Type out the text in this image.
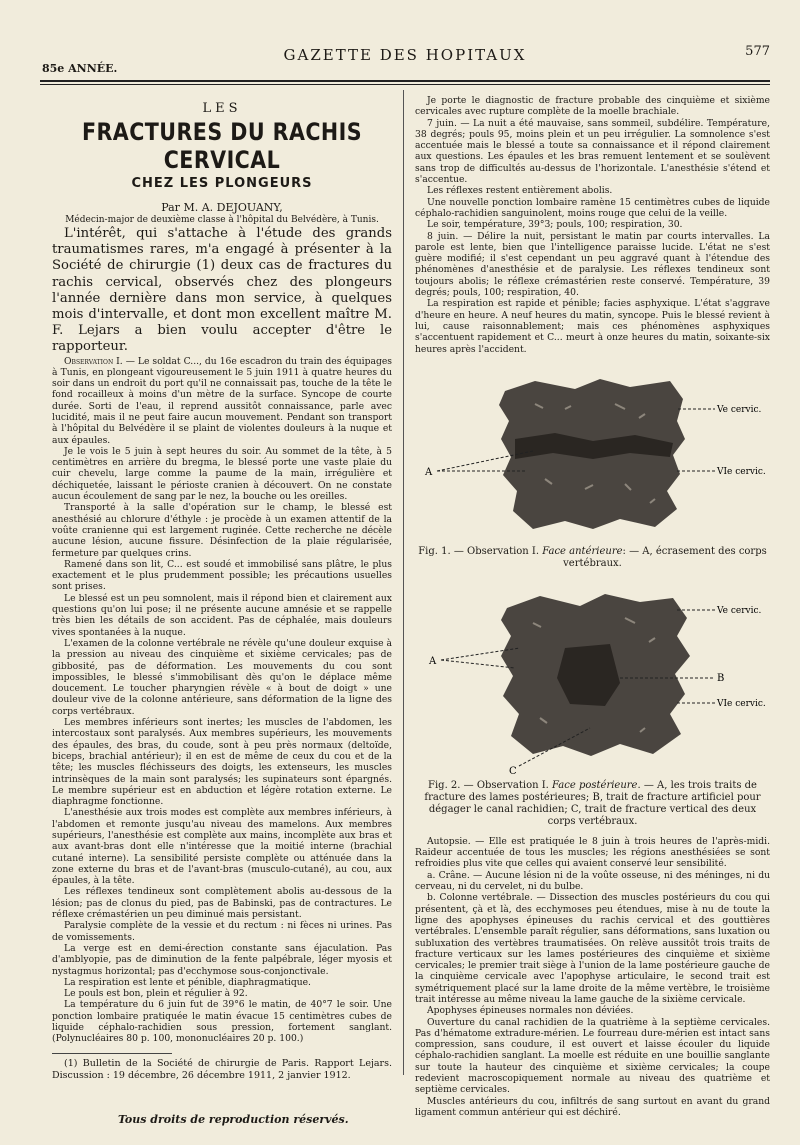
85e ANNÉE.
GAZETTE DES HOPITAUX	577
LES
FRACTURES DU RACHIS CERVICAL
CHEZ LES PLONGEURS
Par M. A. DEJOUANY,
Médecin-major de deuxième classe à l'hôpital du Belvédère, à Tunis.

L'intérêt, qui s'attache à l'étude des grands traumatismes rares, m'a engagé à présenter à la Société de chirurgie (1) deux cas de fractures du rachis cervical, observés chez des plongeurs l'année dernière dans mon service, à quelques mois d'intervalle, et dont mon excellent maître M. F. Lejars a bien voulu accepter d'être le rapporteur.

Observation I. — Le soldat C..., du 16e escadron du train des équipages à Tunis, en plongeant vigoureusement le 5 juin 1911 à quatre heures du soir dans un endroit du port qu'il ne connaissait pas, touche de la tête le fond rocailleux à moins d'un mètre de la surface. Syncope de courte durée. Sorti de l'eau, il reprend aussitôt connaissance, parle avec lucidité, mais il ne peut faire aucun mouvement. Pendant son transport à l'hôpital du Belvédère il se plaint de violentes douleurs à la nuque et aux épaules.

Je le vois le 5 juin à sept heures du soir. Au sommet de la tête, à 5 centimètres en arrière du bregma, le blessé porte une vaste plaie du cuir chevelu, large comme la paume de la main, irrégulière et déchiquetée, laissant le périoste cranien à découvert. On ne constate aucun écoulement de sang par le nez, la bouche ou les oreilles.

Transporté à la salle d'opération sur le champ, le blessé est anesthésié au chlorure d'éthyle : je procède à un examen attentif de la voûte cranienne qui est largement ruginée. Cette recherche ne décèle aucune lésion, aucune fissure. Désinfection de la plaie régularisée, fermeture par quelques crins.

Ramené dans son lit, C... est soudé et immobilisé sans plâtre, le plus exactement et le plus prudemment possible; les précautions usuelles sont prises.

Le blessé est un peu somnolent, mais il répond bien et clairement aux questions qu'on lui pose; il ne présente aucune amnésie et se rappelle très bien les détails de son accident. Pas de céphalée, mais douleurs vives spontanées à la nuque.

L'examen de la colonne vertébrale ne révèle qu'une douleur exquise à la pression au niveau des cinquième et sixième cervicales; pas de gibbosité, pas de déformation. Les mouvements du cou sont impossibles, le blessé s'immobilisant dès qu'on le déplace même doucement. Le toucher pharyngien révèle « à bout de doigt » une douleur vive de la colonne antérieure, sans déformation de la ligne des corps vertébraux.

Les membres inférieurs sont inertes; les muscles de l'abdomen, les intercostaux sont paralysés. Aux membres supérieurs, les mouvements des épaules, des bras, du coude, sont à peu près normaux (deltoïde, biceps, brachial antérieur); il en est de même de ceux du cou et de la tête; les muscles fléchisseurs des doigts, les extenseurs, les muscles intrinsèques de la main sont paralysés; les supinateurs sont épargnés. Le membre supérieur est en abduction et légère rotation externe. Le diaphragme fonctionne.

L'anesthésie aux trois modes est complète aux membres inférieurs, à l'abdomen et remonte jusqu'au niveau des mamelons. Aux membres supérieurs, l'anesthésie est complète aux mains, incomplète aux bras et aux avant-bras dont elle n'intéresse que la moitié interne (brachial cutané interne). La sensibilité persiste complète ou atténuée dans la zone externe du bras et de l'avant-bras (musculo-cutané), au cou, aux épaules, à la tête.

Les réflexes tendineux sont complètement abolis au-dessous de la lésion; pas de clonus du pied, pas de Babinski, pas de contractures. Le réflexe crémastérien un peu diminué mais persistant.

Paralysie complète de la vessie et du rectum : ni fèces ni urines. Pas de vomissements.

La verge est en demi-érection constante sans éjaculation. Pas d'amblyopie, pas de diminution de la fente palpébrale, léger myosis et nystagmus horizontal; pas d'ecchymose sous-conjonctivale.

La respiration est lente et pénible, diaphragmatique.

Le pouls est bon, plein et régulier à 92.

La température du 6 juin fut de 39°6 le matin, de 40°7 le soir. Une ponction lombaire pratiquée le matin évacue 15 centimètres cubes de liquide céphalo-rachidien sous pression, fortement sanglant. (Polynucléaires 80 p. 100, mononucléaires 20 p. 100.)

(1) Bulletin de la Société de chirurgie de Paris. Rapport Lejars. Discussion : 19 décembre, 26 décembre 1911, 2 janvier 1912.

Je porte le diagnostic de fracture probable des cinquième et sixième cervicales avec rupture complète de la moelle brachiale.

7 juin. — La nuit a été mauvaise, sans sommeil, subdélire. Température, 38 degrés; pouls 95, moins plein et un peu irrégulier. La somnolence s'est accentuée mais le blessé a toute sa connaissance et il répond clairement aux questions. Les épaules et les bras remuent lentement et se soulèvent sans trop de difficultés au-dessus de l'horizontale. L'anesthésie s'étend et s'accentue.

Les réflexes restent entièrement abolis.

Une nouvelle ponction lombaire ramène 15 centimètres cubes de liquide céphalo-rachidien sanguinolent, moins rouge que celui de la veille.

Le soir, température, 39°3; pouls, 100; respiration, 30.

8 juin. — Délire la nuit, persistant le matin par courts intervalles. La parole est lente, bien que l'intelligence paraisse lucide. L'état ne s'est guère modifié; il s'est cependant un peu aggravé quant à l'étendue des phénomènes d'anesthésie et de paralysie. Les réflexes tendineux sont toujours abolis; le réflexe crémastérien reste conservé. Température, 39 degrés; pouls, 100; respiration, 40.

La respiration est rapide et pénible; facies asphyxique. L'état s'aggrave d'heure en heure. A neuf heures du matin, syncope. Puis le blessé revient à lui, cause raisonnablement; mais ces phénomènes asphyxiques s'accentuent rapidement et C... meurt à onze heures du matin, soixante-six heures après l'accident.

Ve cervic.
VIe cervic.
A
Fig. 1. — Observation I. Face antérieure: — A, écrasement des corps vertébraux.
Ve cervic.
B
VIe cervic.
A
C
Fig. 2. — Observation I. Face postérieure. — A, les trois traits de fracture des lames postérieures; B, trait de fracture artificiel pour dégager le canal rachidien; C, trait de fracture vertical des deux corps vertébraux.

Autopsie. — Elle est pratiquée le 8 juin à trois heures de l'après-midi. Raideur accentuée de tous les muscles; les régions anesthésiées se sont refroidies plus vite que celles qui avaient conservé leur sensibilité.

a. Crâne. — Aucune lésion ni de la voûte osseuse, ni des méninges, ni du cerveau, ni du cervelet, ni du bulbe.

b. Colonne vertébrale. — Dissection des muscles postérieurs du cou qui présentent, çà et là, des ecchymoses peu étendues, mise à nu de toute la ligne des apophyses épineuses du rachis cervical et des gouttières vertébrales. L'ensemble paraît régulier, sans déformations, sans luxation ou subluxation des vertèbres traumatisées. On relève aussitôt trois traits de fracture verticaux sur les lames postérieures des cinquième et sixième cervicales; le premier trait siège à l'union de la lame postérieure gauche de la cinquième cervicale avec l'apophyse articulaire, le second trait est symétriquement placé sur la lame droite de la même vertèbre, le troisième trait intéresse au même niveau la lame gauche de la sixième cervicale.

Apophyses épineuses normales non déviées.

Ouverture du canal rachidien de la quatrième à la septième cervicales. Pas d'hématome extradure-mérien. Le fourreau dure-mérien est intact sans compression, sans coudure, il est ouvert et laisse écouler du liquide céphalo-rachidien sanglant. La moelle est réduite en une bouillie sanglante sur toute la hauteur des cinquième et sixième cervicales; la coupe redevient macroscopiquement normale au niveau des quatrième et septième cervicales.

Muscles antérieurs du cou, infiltrés de sang surtout en avant du grand ligament commun antérieur qui est déchiré.

Tous droits de reproduction réservés.
